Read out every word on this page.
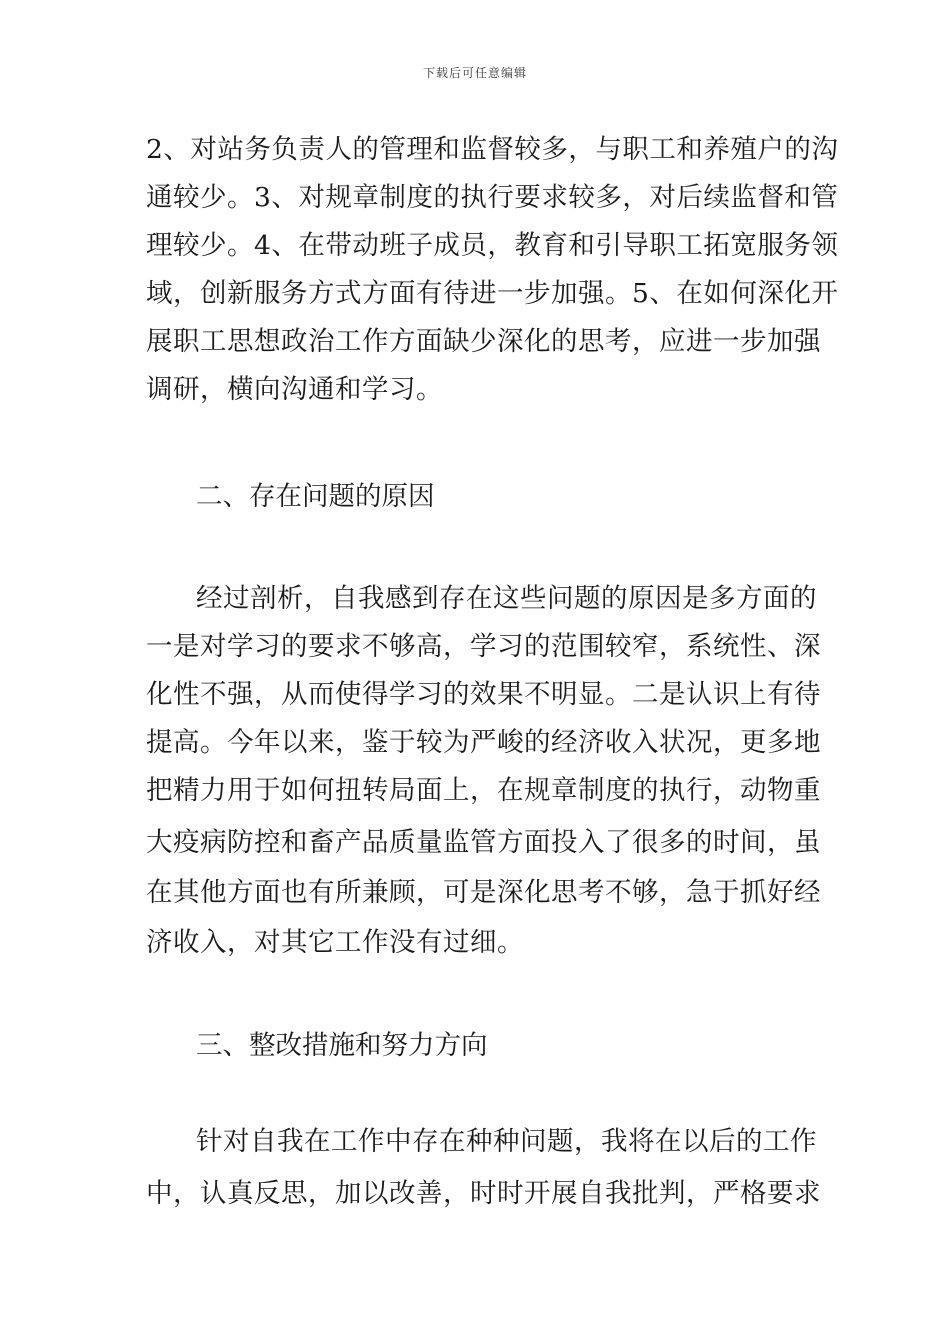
下载后可任意编辑
2、对站务负责人的管理和监督较多，与职工和养殖户的沟
通较少。3、对规章制度的执行要求较多，对后续监督和管
理较少。4、在带动班子成员，教育和引导职工拓宽服务领
域，创新服务方式方面有待进一步加强。5、在如何深化开
展职工思想政治工作方面缺少深化的思考，应进一步加强
调研，横向沟通和学习。
二、存在问题的原因
经过剖析，自我感到存在这些问题的原因是多方面的
一是对学习的要求不够高，学习的范围较窄，系统性、深
化性不强，从而使得学习的效果不明显。二是认识上有待
提高。今年以来，鉴于较为严峻的经济收入状况，更多地
把精力用于如何扭转局面上，在规章制度的执行，动物重
大疫病防控和畜产品质量监管方面投入了很多的时间，虽
在其他方面也有所兼顾，可是深化思考不够，急于抓好经
济收入，对其它工作没有过细。
三、整改措施和努力方向
针对自我在工作中存在种种问题，我将在以后的工作
中，认真反思，加以改善，时时开展自我批判，严格要求
